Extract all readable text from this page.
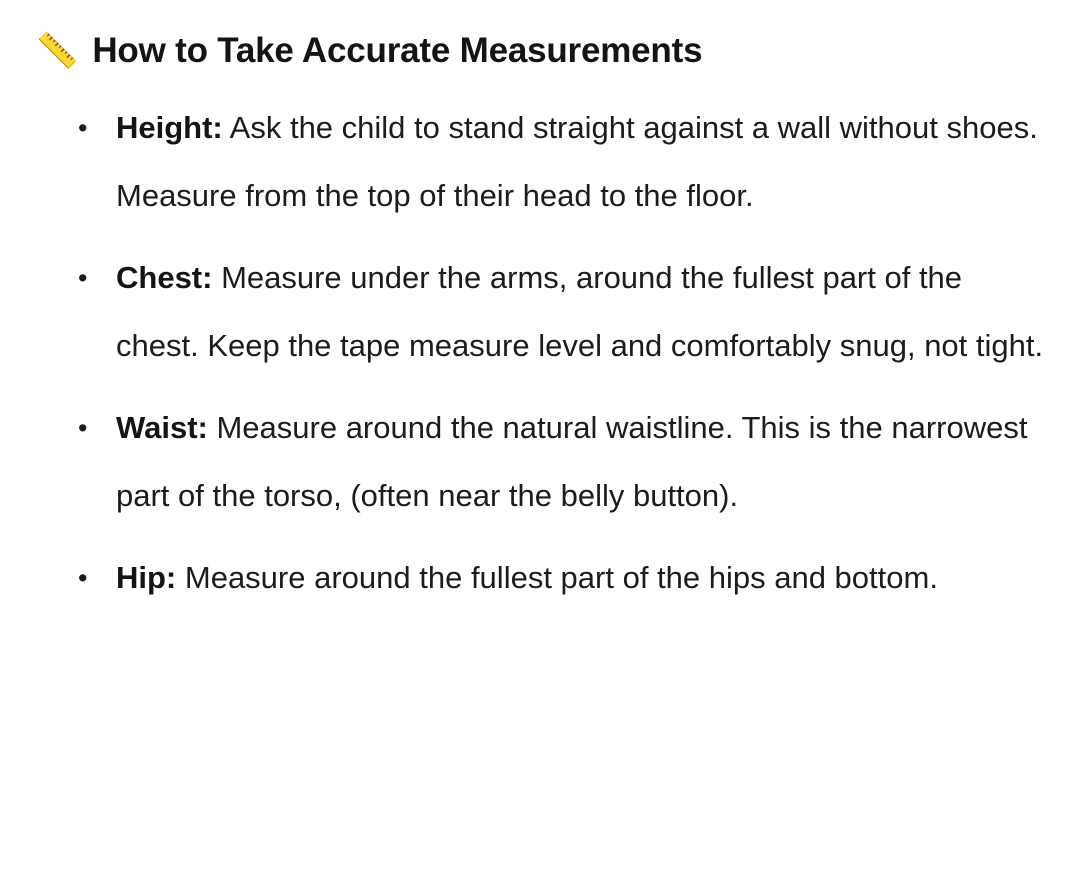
📏 How to Take Accurate Measurements
• Height: Ask the child to stand straight against a wall without shoes. Measure from the top of their head to the floor.
• Chest: Measure under the arms, around the fullest part of the chest. Keep the tape measure level and comfortably snug, not tight.
• Waist: Measure around the natural waistline. This is the narrowest part of the torso, (often near the belly button).
• Hip: Measure around the fullest part of the hips and bottom.
